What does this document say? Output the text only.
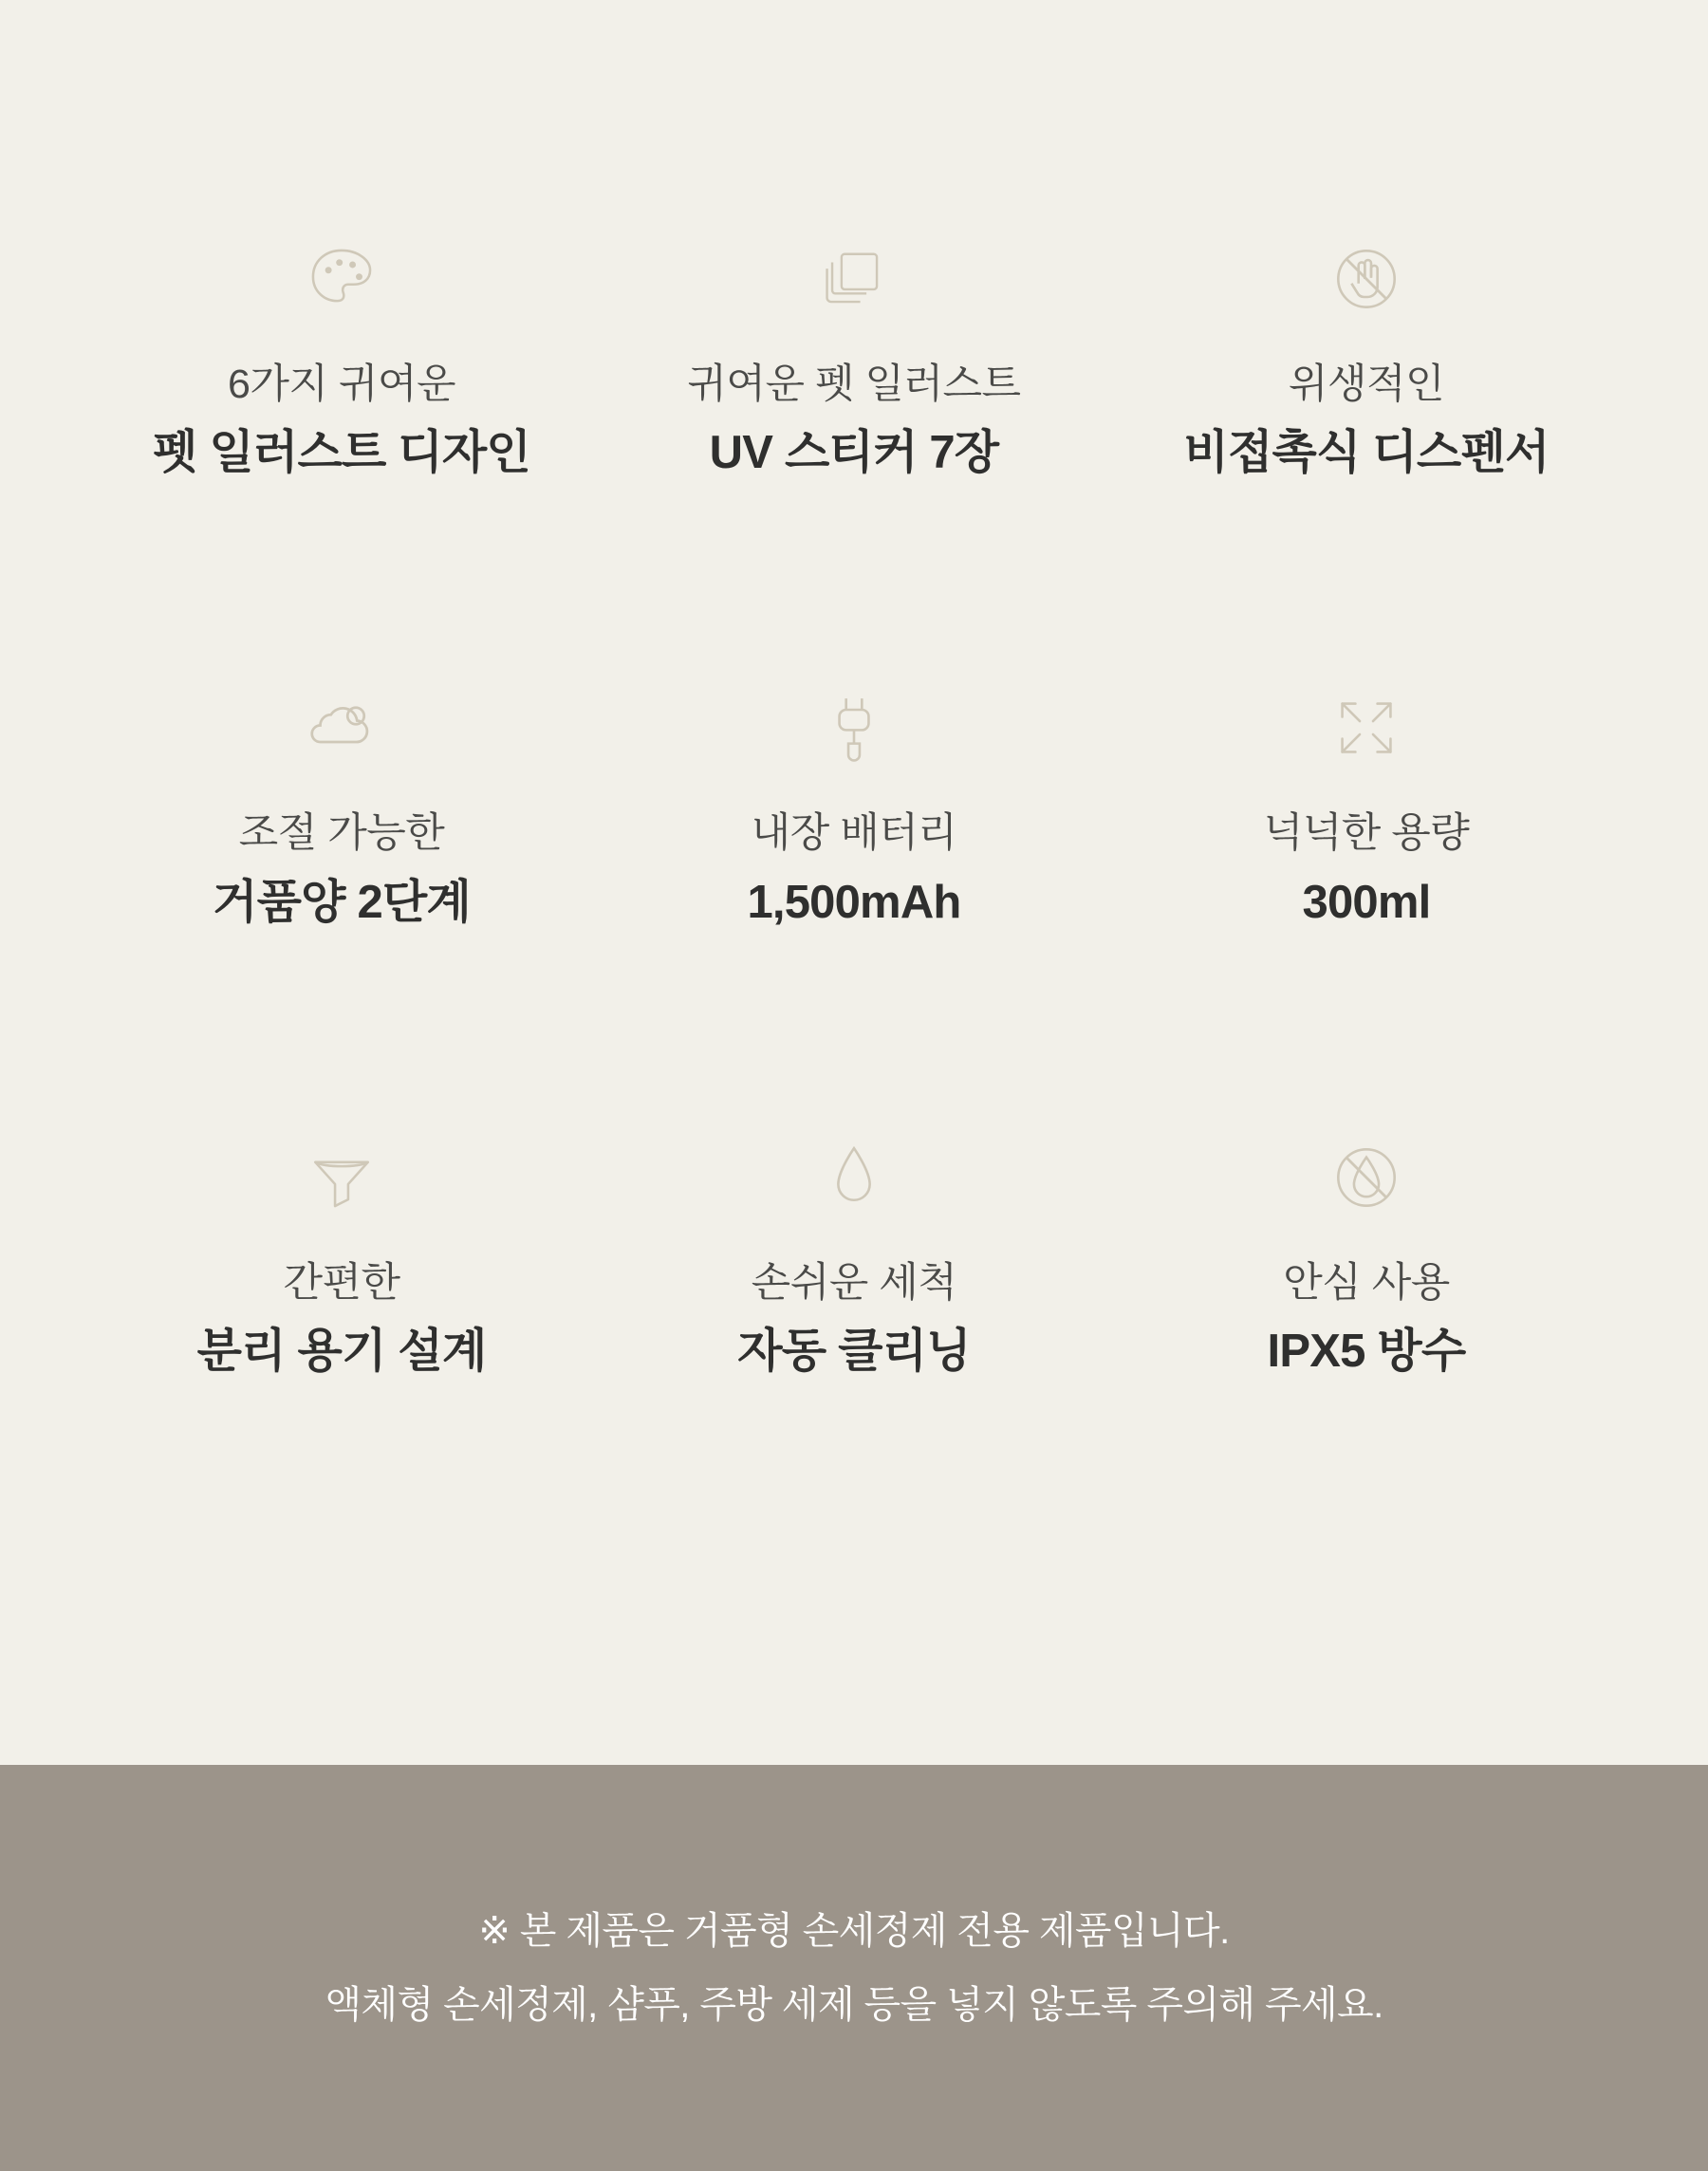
6가지 귀여운
펫 일러스트 디자인
귀여운 펫 일러스트
UV 스티커 7장
위생적인
비접촉식 디스펜서
조절 가능한
거품양 2단계
내장 배터리
1,500mAh
넉넉한 용량
300ml
간편한
분리 용기 설계
손쉬운 세척
자동 클리닝
안심 사용
IPX5 방수
※ 본 제품은 거품형 손세정제 전용 제품입니다.
액체형 손세정제, 샴푸, 주방 세제 등을 넣지 않도록 주의해 주세요.
